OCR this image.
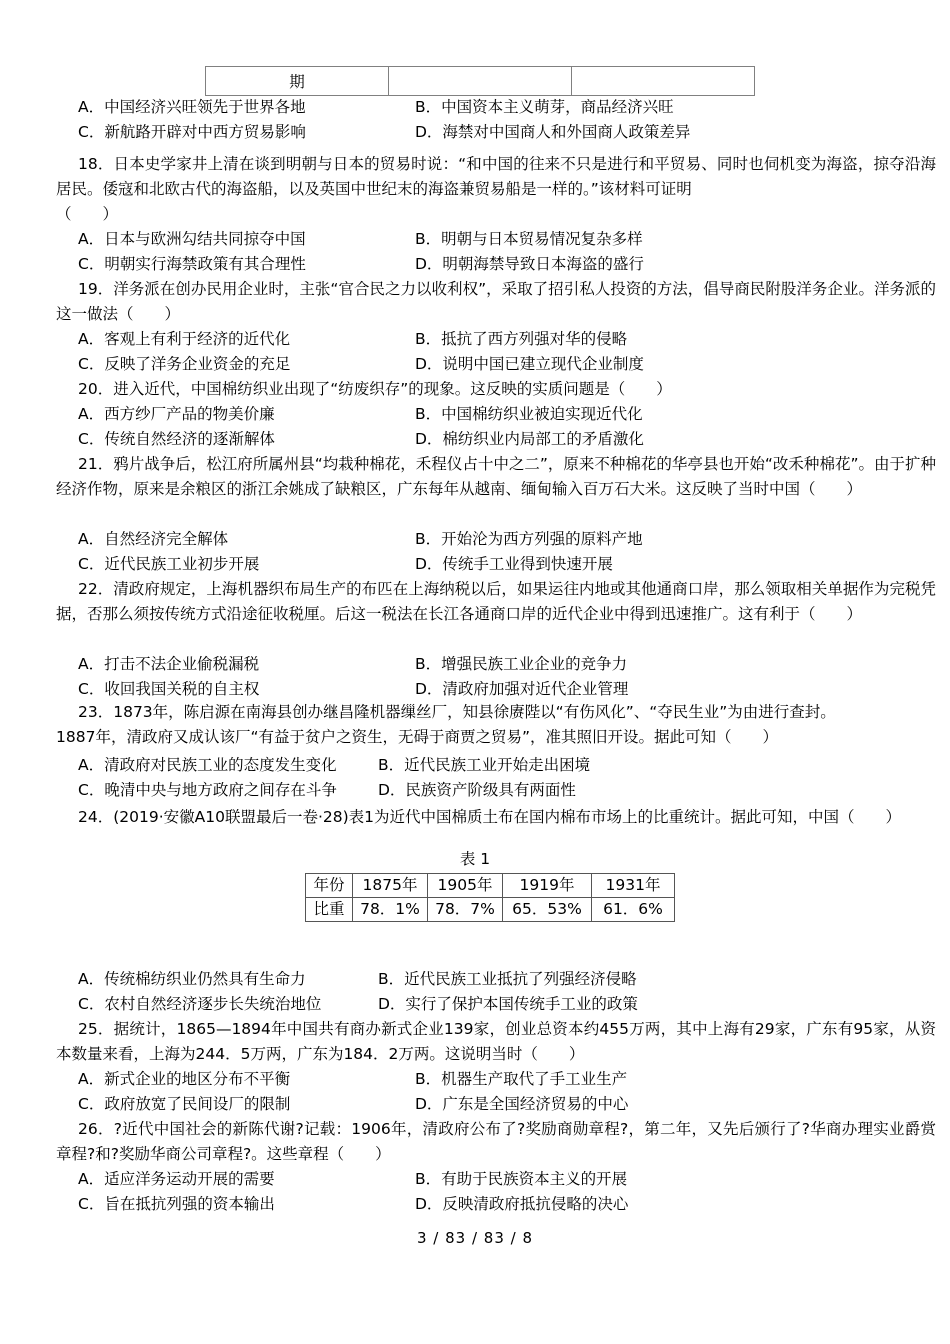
期		
A．中国经济兴旺领先于世界各地	B．中国资本主义萌芽，商品经济兴旺
C．新航路开辟对中西方贸易影响	D．海禁对中国商人和外国商人政策差异
18．日本史学家井上清在谈到明朝与日本的贸易时说：“和中国的往来不只是进行和平贸易、同时也伺机变为海盗，掠夺沿海居民。倭寇和北欧古代的海盗船，以及英国中世纪末的海盗兼贸易船是一样的。”该材料可证明
（　　）
A．日本与欧洲勾结共同掠夺中国	B．明朝与日本贸易情况复杂多样
C．明朝实行海禁政策有其合理性	D．明朝海禁导致日本海盗的盛行
19．洋务派在创办民用企业时，主张“官合民之力以收利权”，采取了招引私人投资的方法，倡导商民附股洋务企业。洋务派的这一做法（　　）
A．客观上有利于经济的近代化	B．抵抗了西方列强对华的侵略
C．反映了洋务企业资金的充足	D．说明中国已建立现代企业制度
20．进入近代，中国棉纺织业出现了“纺废织存”的现象。这反映的实质问题是（　　）
A．西方纱厂产品的物美价廉	B．中国棉纺织业被迫实现近代化
C．传统自然经济的逐渐解体	D．棉纺织业内局部工的矛盾激化
21．鸦片战争后，松江府所属州县“均栽种棉花，禾程仪占十中之二”，原来不种棉花的华亭县也开始“改禾种棉花”。由于扩种经济作物，原来是余粮区的浙江余姚成了缺粮区，广东每年从越南、缅甸输入百万石大米。这反映了当时中国（　　）
A．自然经济完全解体	B．开始沦为西方列强的原料产地
C．近代民族工业初步开展	D．传统手工业得到快速开展
22．清政府规定，上海机器织布局生产的布匹在上海纳税以后，如果运往内地或其他通商口岸，那么领取相关单据作为完税凭据，否那么须按传统方式沿途征收税厘。后这一税法在长江各通商口岸的近代企业中得到迅速推广。这有利于（　　）
A．打击不法企业偷税漏税	B．增强民族工业企业的竞争力
C．收回我国关税的自主权	D．清政府加强对近代企业管理
23．1873年，陈启源在南海县创办继昌隆机器缫丝厂，知县徐赓陛以“有伤风化”、“夺民生业”为由进行查封。
1887年，清政府又成认该厂“有益于贫户之资生，无碍于商贾之贸易”，准其照旧开设。据此可知（　　）
A．清政府对民族工业的态度发生变化	B．近代民族工业开始走出困境
C．晚清中央与地方政府之间存在斗争	D．民族资产阶级具有两面性
24．(2019·安徽A10联盟最后一卷·28)表1为近代中国棉质土布在国内棉布市场上的比重统计。据此可知，中国（　　）
表 1
年份	1875年	1905年	1919年	1931年
比重	78．1%	78．7%	65．53%	61．6%
A．传统棉纺织业仍然具有生命力	B．近代民族工业抵抗了列强经济侵略
C．农村自然经济逐步长失统治地位	D．实行了保护本国传统手工业的政策
25．据统计，1865—1894年中国共有商办新式企业139家，创业总资本约455万两，其中上海有29家，广东有95家，从资本数量来看，上海为244．5万两，广东为184．2万两。这说明当时（　　）
A．新式企业的地区分布不平衡	B．机器生产取代了手工业生产
C．政府放宽了民间设厂的限制	D．广东是全国经济贸易的中心
26．?近代中国社会的新陈代谢?记载：1906年，清政府公布了?奖励商勋章程?，第二年，又先后颁行了?华商办理实业爵赏章程?和?奖励华商公司章程?。这些章程（　　）
A．适应洋务运动开展的需要	B．有助于民族资本主义的开展
C．旨在抵抗列强的资本输出	D．反映清政府抵抗侵略的决心
3 / 83 / 83 / 8
